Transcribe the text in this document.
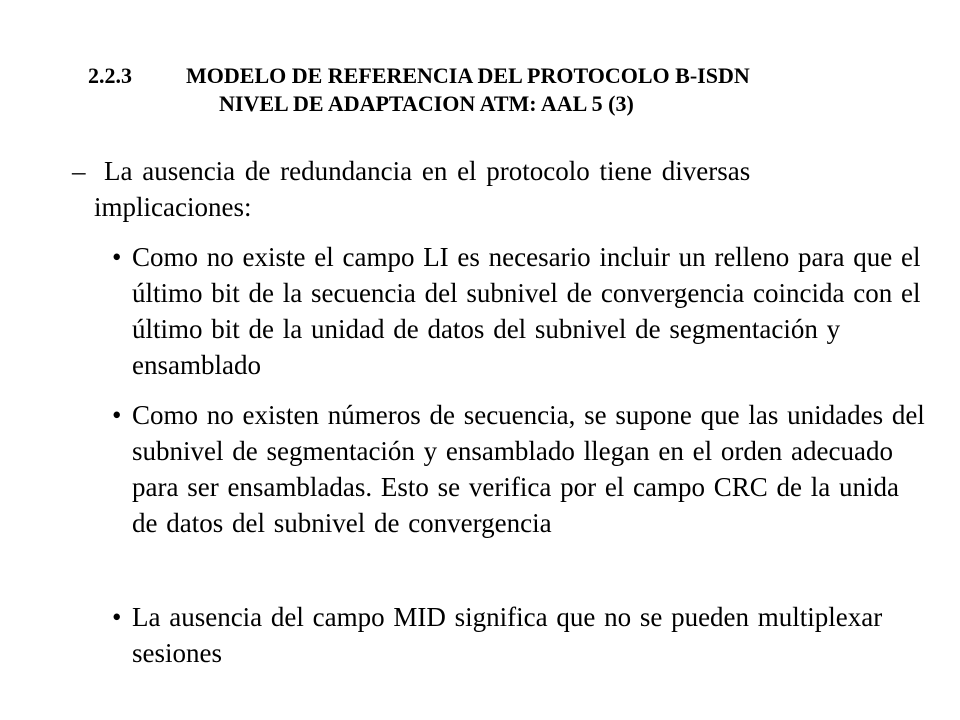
2.2.3 MODELO DE REFERENCIA DEL PROTOCOLO B-ISDN
NIVEL DE ADAPTACION ATM: AAL 5 (3)
– La ausencia de redundancia en el protocolo tiene diversas implicaciones:
• Como no existe el campo LI es necesario incluir un relleno para que el último bit de la secuencia del subnivel de convergencia coincida con el último bit de la unidad de datos del subnivel de segmentación y ensamblado
• Como no existen números de secuencia, se supone que las unidades del subnivel de segmentación y ensamblado llegan en el orden adecuado para ser ensambladas. Esto se verifica por el campo CRC de la unida de datos del subnivel de convergencia
• La ausencia del campo MID significa que no se pueden multiplexar sesiones
